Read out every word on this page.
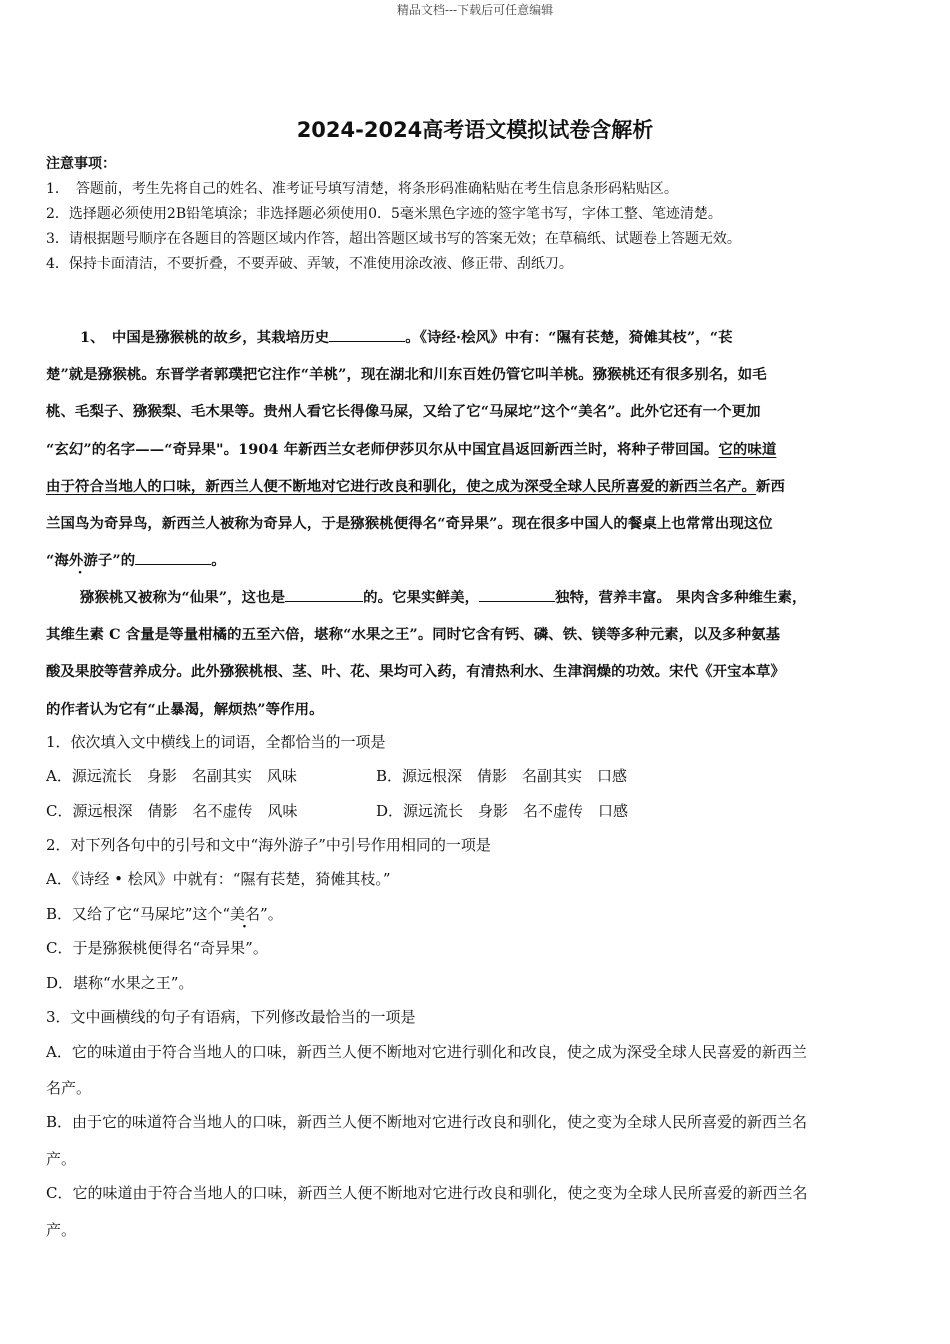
精品文档---下载后可任意编辑
2024-2024高考语文模拟试卷含解析
注意事项：
1．　答题前，考生先将自己的姓名、准考证号填写清楚，将条形码准确粘贴在考生信息条形码粘贴区。
2．选择题必须使用2B铅笔填涂；非选择题必须使用0．5毫米黑色字迹的签字笔书写，字体工整、笔迹清楚。
3．请根据题号顺序在各题目的答题区域内作答，超出答题区域书写的答案无效；在草稿纸、试题卷上答题无效。
4．保持卡面清洁，不要折叠，不要弄破、弄皱，不准使用涂改液、修正带、刮纸刀。
1、　中国是猕猴桃的故乡，其栽培历史	。《诗经·桧风》中有：“隰有苌楚，猗傩其枝”，“苌
楚”就是猕猴桃。东晋学者郭璞把它注作“羊桃”，现在湖北和川东百姓仍管它叫羊桃。猕猴桃还有很多别名，如毛
桃、毛梨子、猕猴梨、毛木果等。贵州人看它长得像马屎，又给了它“马屎坨”这个“美名”。此外它还有一个更加
“玄幻”的名字——“奇异果"。1904 年新西兰女老师伊莎贝尔从中国宜昌返回新西兰时，将种子带回国。它的味道
由于符合当地人的口味，新西兰人便不断地对它进行改良和驯化，使之成为深受全球人民所喜爱的新西兰名产。新西
兰国鸟为奇异鸟，新西兰人被称为奇异人，于是猕猴桃便得名“奇异果”。现在很多中国人的餐桌上也常常出现这位
“海外游子”的	。
猕猴桃又被称为“仙果”，这也是	的。它果实鲜美，	独特，营养丰富。 果肉含多种维生素，
其维生素 C 含量是等量柑橘的五至六倍，堪称“水果之王”。同时它含有钙、磷、铁、镁等多种元素，以及多种氨基
酸及果胶等营养成分。此外猕猴桃根、茎、叶、花、果均可入药，有清热利水、生津润燥的功效。宋代《开宝本草》
的作者认为它有“止暴渴，解烦热”等作用。
1．依次填入文中横线上的词语，全都恰当的一项是
A．源远流长　身影　名副其实　风味	B．源远根深　倩影　名副其实　口感
C．源远根深　倩影　名不虚传　风味	D．源远流长　身影　名不虚传　口感
2．对下列各句中的引号和文中“海外游子”中引号作用相同的一项是
A．《诗经 • 桧风》中就有：“隰有苌楚，猗傩其枝。”
B．又给了它“马屎坨”这个“美名”。
C．于是猕猴桃便得名“奇异果”。
D．堪称“水果之王”。
3．文中画横线的句子有语病，下列修改最恰当的一项是
A．它的味道由于符合当地人的口味，新西兰人便不断地对它进行驯化和改良，使之成为深受全球人民喜爱的新西兰
名产。
B．由于它的味道符合当地人的口味，新西兰人便不断地对它进行改良和驯化，使之变为全球人民所喜爱的新西兰名
产。
C．它的味道由于符合当地人的口味，新西兰人便不断地对它进行改良和驯化，使之变为全球人民所喜爱的新西兰名
产。
